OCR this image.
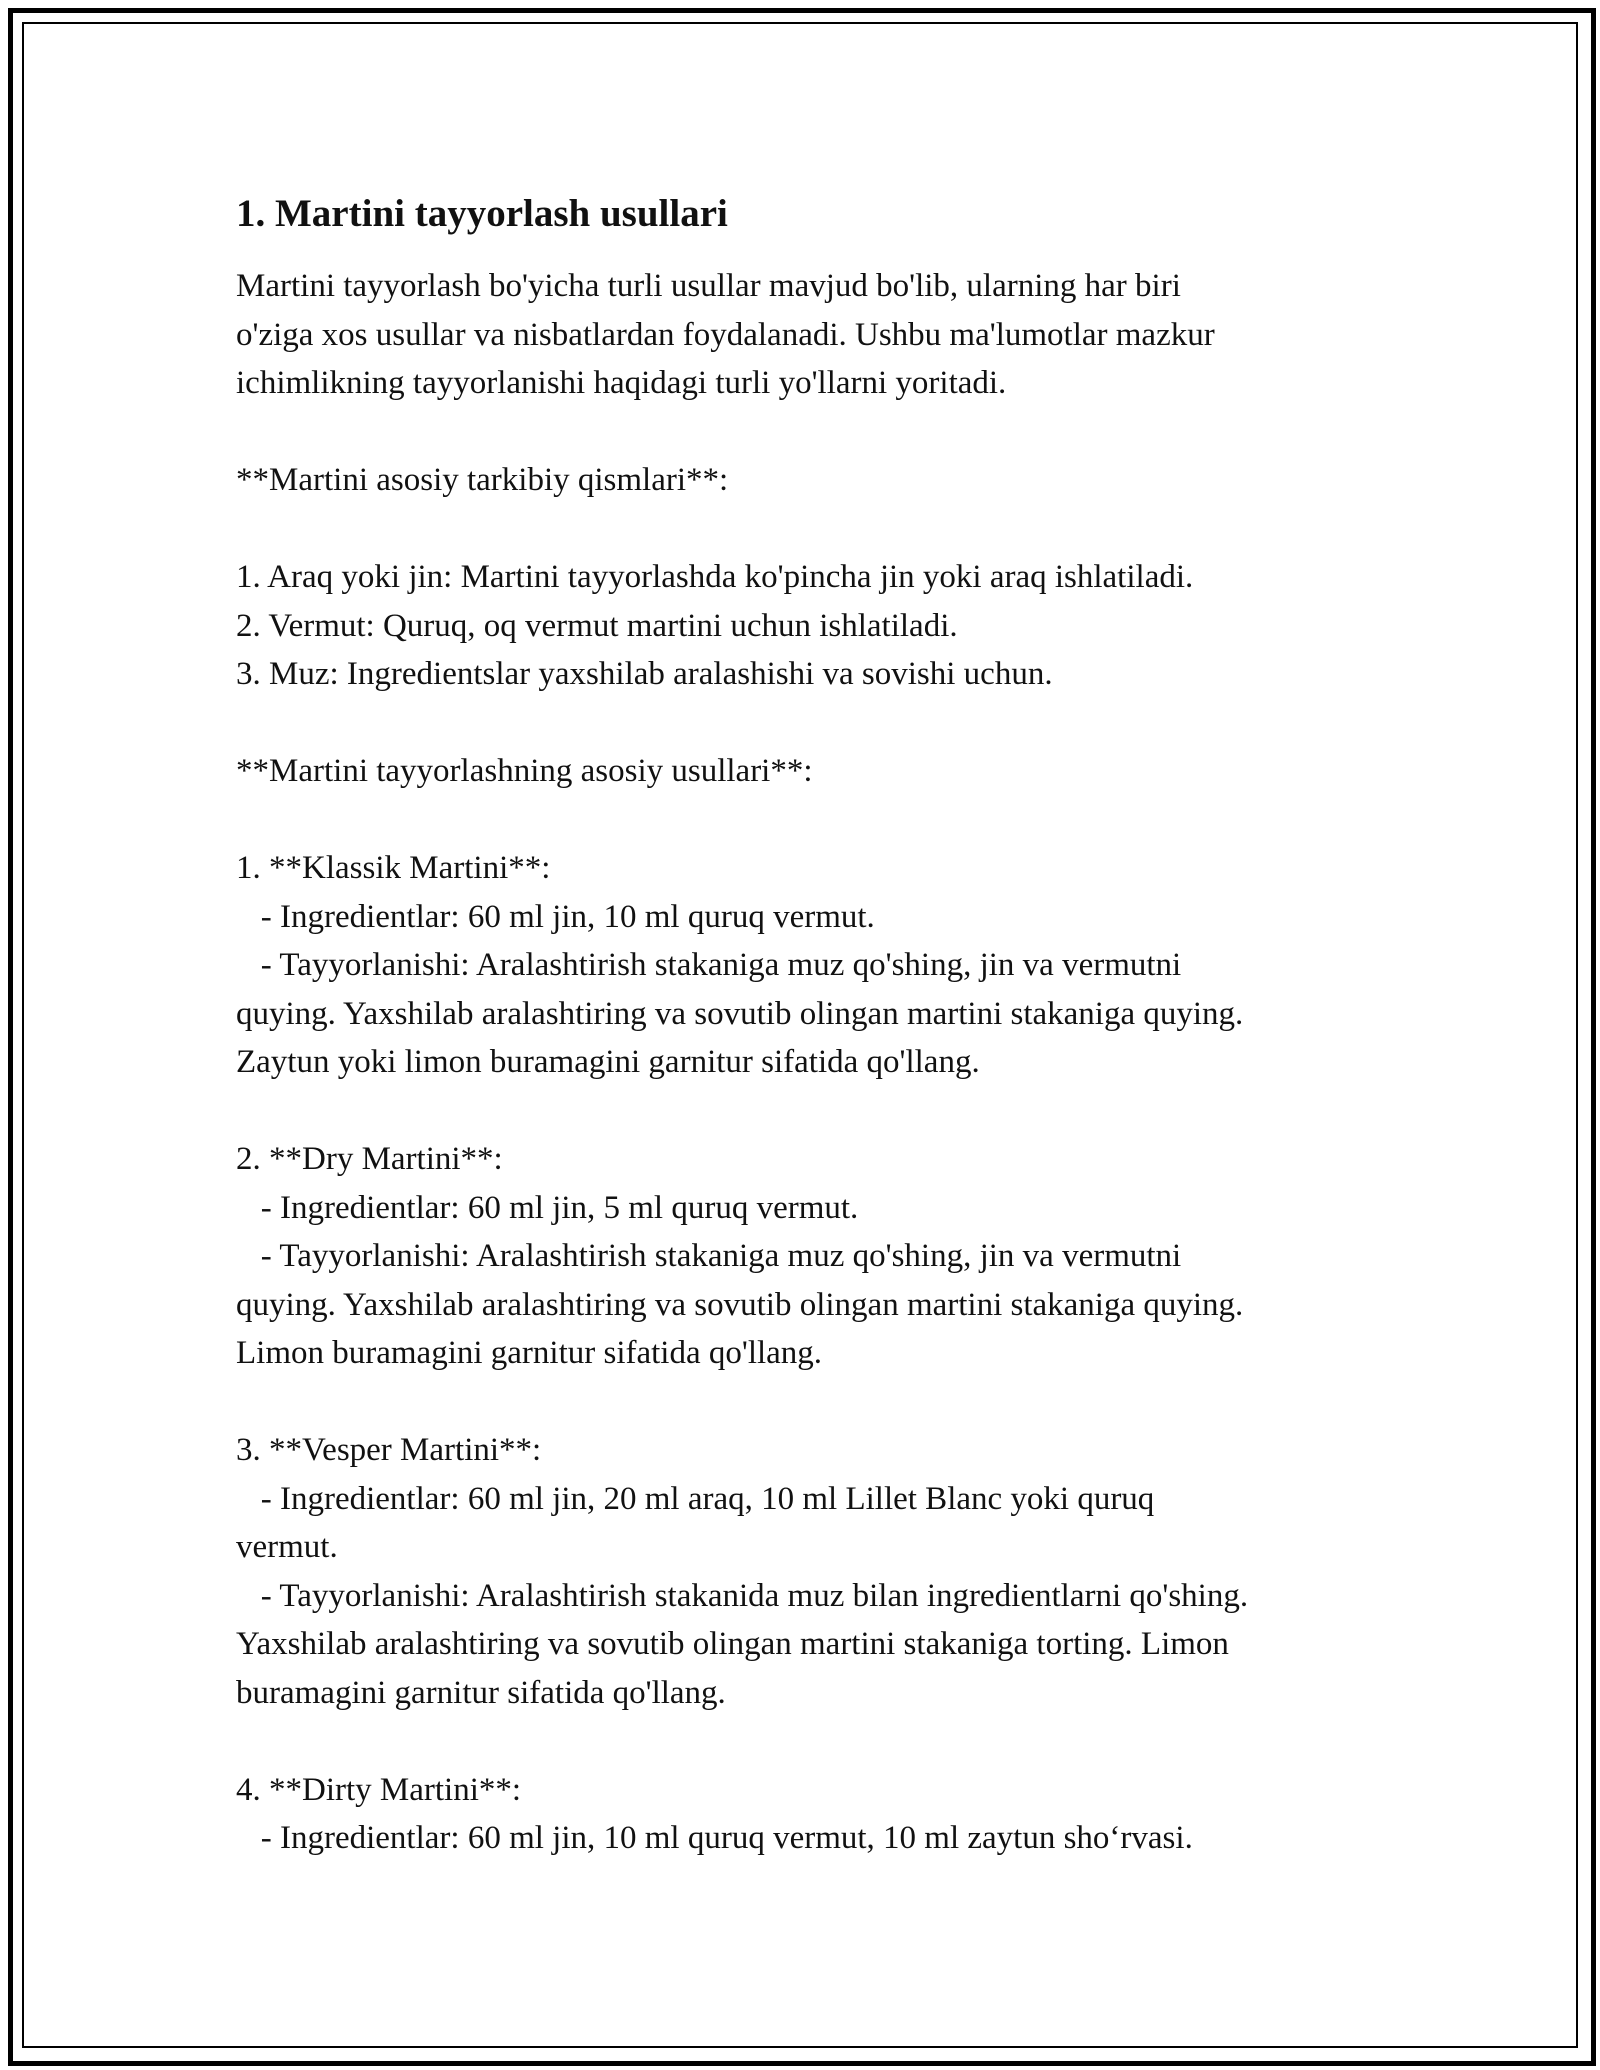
1. Martini tayyorlash usullari
Martini tayyorlash bo'yicha turli usullar mavjud bo'lib, ularning har biri
o'ziga xos usullar va nisbatlardan foydalanadi. Ushbu ma'lumotlar mazkur
ichimlikning tayyorlanishi haqidagi turli yo'llarni yoritadi.
**Martini asosiy tarkibiy qismlari**:
1. Araq yoki jin: Martini tayyorlashda ko'pincha jin yoki araq ishlatiladi.
2. Vermut: Quruq, oq vermut martini uchun ishlatiladi.
3. Muz: Ingredientslar yaxshilab aralashishi va sovishi uchun.
**Martini tayyorlashning asosiy usullari**:
1. **Klassik Martini**:
- Ingredientlar: 60 ml jin, 10 ml quruq vermut.
- Tayyorlanishi: Aralashtirish stakaniga muz qo'shing, jin va vermutni
quying. Yaxshilab aralashtiring va sovutib olingan martini stakaniga quying.
Zaytun yoki limon buramagini garnitur sifatida qo'llang.
2. **Dry Martini**:
- Ingredientlar: 60 ml jin, 5 ml quruq vermut.
- Tayyorlanishi: Aralashtirish stakaniga muz qo'shing, jin va vermutni
quying. Yaxshilab aralashtiring va sovutib olingan martini stakaniga quying.
Limon buramagini garnitur sifatida qo'llang.
3. **Vesper Martini**:
- Ingredientlar: 60 ml jin, 20 ml araq, 10 ml Lillet Blanc yoki quruq
vermut.
- Tayyorlanishi: Aralashtirish stakanida muz bilan ingredientlarni qo'shing.
Yaxshilab aralashtiring va sovutib olingan martini stakaniga torting. Limon
buramagini garnitur sifatida qo'llang.
4. **Dirty Martini**:
- Ingredientlar: 60 ml jin, 10 ml quruq vermut, 10 ml zaytun sho‘rvasi.
